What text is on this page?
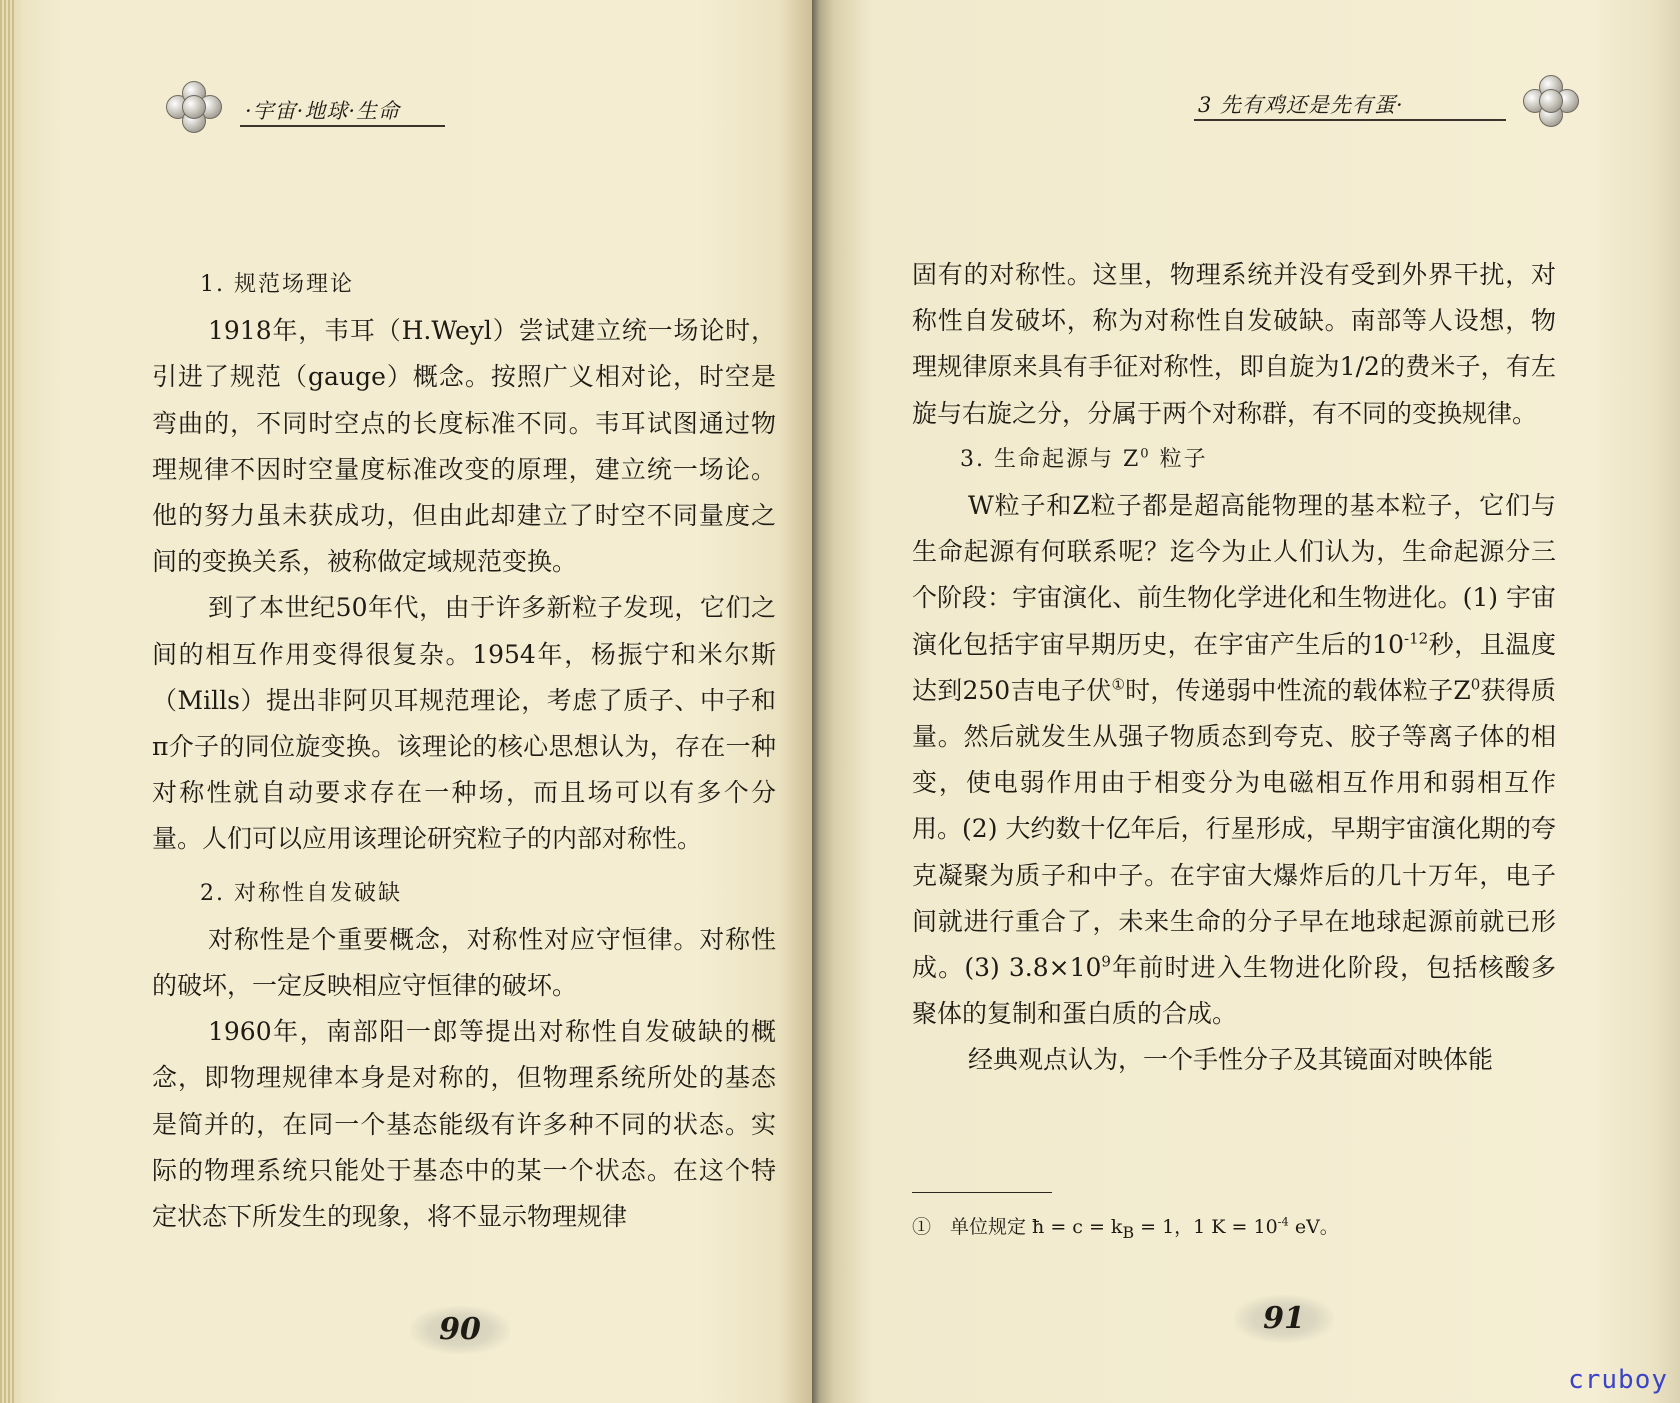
·宇宙·地球·生命

1. 规范场理论

1918年，韦耳（H.Weyl）尝试建立统一场论时，引进了规范（gauge）概念。按照广义相对论，时空是弯曲的，不同时空点的长度标准不同。韦耳试图通过物理规律不因时空量度标准改变的原理，建立统一场论。他的努力虽未获成功，但由此却建立了时空不同量度之间的变换关系，被称做定域规范变换。

到了本世纪50年代，由于许多新粒子发现，它们之间的相互作用变得很复杂。1954年，杨振宁和米尔斯（Mills）提出非阿贝耳规范理论，考虑了质子、中子和π介子的同位旋变换。该理论的核心思想认为，存在一种对称性就自动要求存在一种场，而且场可以有多个分量。人们可以应用该理论研究粒子的内部对称性。

2. 对称性自发破缺

对称性是个重要概念，对称性对应守恒律。对称性的破坏，一定反映相应守恒律的破坏。

1960年，南部阳一郎等提出对称性自发破缺的概念，即物理规律本身是对称的，但物理系统所处的基态是简并的，在同一个基态能级有许多种不同的状态。实际的物理系统只能处于基态中的某一个状态。在这个特定状态下所发生的现象，将不显示物理规律

90
3 先有鸡还是先有蛋·

固有的对称性。这里，物理系统并没有受到外界干扰，对称性自发破坏，称为对称性自发破缺。南部等人设想，物理规律原来具有手征对称性，即自旋为1/2的费米子，有左旋与右旋之分，分属于两个对称群，有不同的变换规律。

3. 生命起源与 $Z^0$ 粒子

W粒子和Z粒子都是超高能物理的基本粒子，它们与生命起源有何联系呢？迄今为止人们认为，生命起源分三个阶段：宇宙演化、前生物化学进化和生物进化。(1) 宇宙演化包括宇宙早期历史，在宇宙产生后的$10^{-12}$秒，且温度达到250吉电子伏①时，传递弱中性流的载体粒子$Z^0$获得质量。然后就发生从强子物质态到夸克、胶子等离子体的相变，使电弱作用由于相变分为电磁相互作用和弱相互作用。(2) 大约数十亿年后，行星形成，早期宇宙演化期的夸克凝聚为质子和中子。在宇宙大爆炸后的几十万年，电子间就进行重合了，未来生命的分子早在地球起源前就已形成。(3) $3.8\times 10^9$年前时进入生物进化阶段，包括核酸多聚体的复制和蛋白质的合成。

经典观点认为，一个手性分子及其镜面对映体能

①　单位规定 ħ = $c = k_B = 1$，1 $K = 10^{-4}$ eV。
91
cruboy
